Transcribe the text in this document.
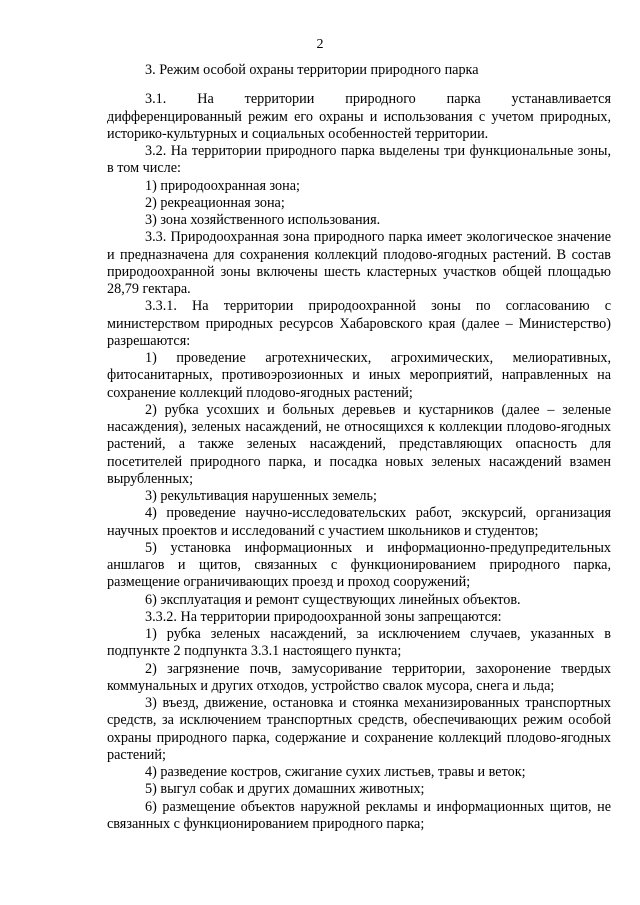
2

3. Режим особой охраны территории природного парка

3.1. На территории природного парка устанавливается дифференцированный режим его охраны и использования с учетом природных, историко-культурных и социальных особенностей территории.

3.2. На территории природного парка выделены три функциональные зоны, в том числе:

1) природоохранная зона;

2) рекреационная зона;

3) зона хозяйственного использования.

3.3. Природоохранная зона природного парка имеет экологическое значение и предназначена для сохранения коллекций плодово-ягодных растений. В состав природоохранной зоны включены шесть кластерных участков общей площадью 28,79 гектара.

3.3.1. На территории природоохранной зоны по согласованию с министерством природных ресурсов Хабаровского края (далее – Министерство) разрешаются:

1) проведение агротехнических, агрохимических, мелиоративных, фитосанитарных, противоэрозионных и иных мероприятий, направленных на сохранение коллекций плодово-ягодных растений;

2) рубка усохших и больных деревьев и кустарников (далее – зеленые насаждения), зеленых насаждений, не относящихся к коллекции плодово-ягодных растений, а также зеленых насаждений, представляющих опасность для посетителей природного парка, и посадка новых зеленых насаждений взамен вырубленных;

3) рекультивация нарушенных земель;

4) проведение научно-исследовательских работ, экскурсий, организация научных проектов и исследований с участием школьников и студентов;

5) установка информационных и информационно-предупредительных аншлагов и щитов, связанных с функционированием природного парка, размещение ограничивающих проезд и проход сооружений;

6) эксплуатация и ремонт существующих линейных объектов.

3.3.2. На территории природоохранной зоны запрещаются:

1) рубка зеленых насаждений, за исключением случаев, указанных в подпункте 2 подпункта 3.3.1 настоящего пункта;

2) загрязнение почв, замусоривание территории, захоронение твердых коммунальных и других отходов, устройство свалок мусора, снега и льда;

3) въезд, движение, остановка и стоянка механизированных транспортных средств, за исключением транспортных средств, обеспечивающих режим особой охраны природного парка, содержание и сохранение коллекций плодово-ягодных растений;

4) разведение костров, сжигание сухих листьев, травы и веток;

5) выгул собак и других домашних животных;

6) размещение объектов наружной рекламы и информационных щитов, не связанных с функционированием природного парка;
